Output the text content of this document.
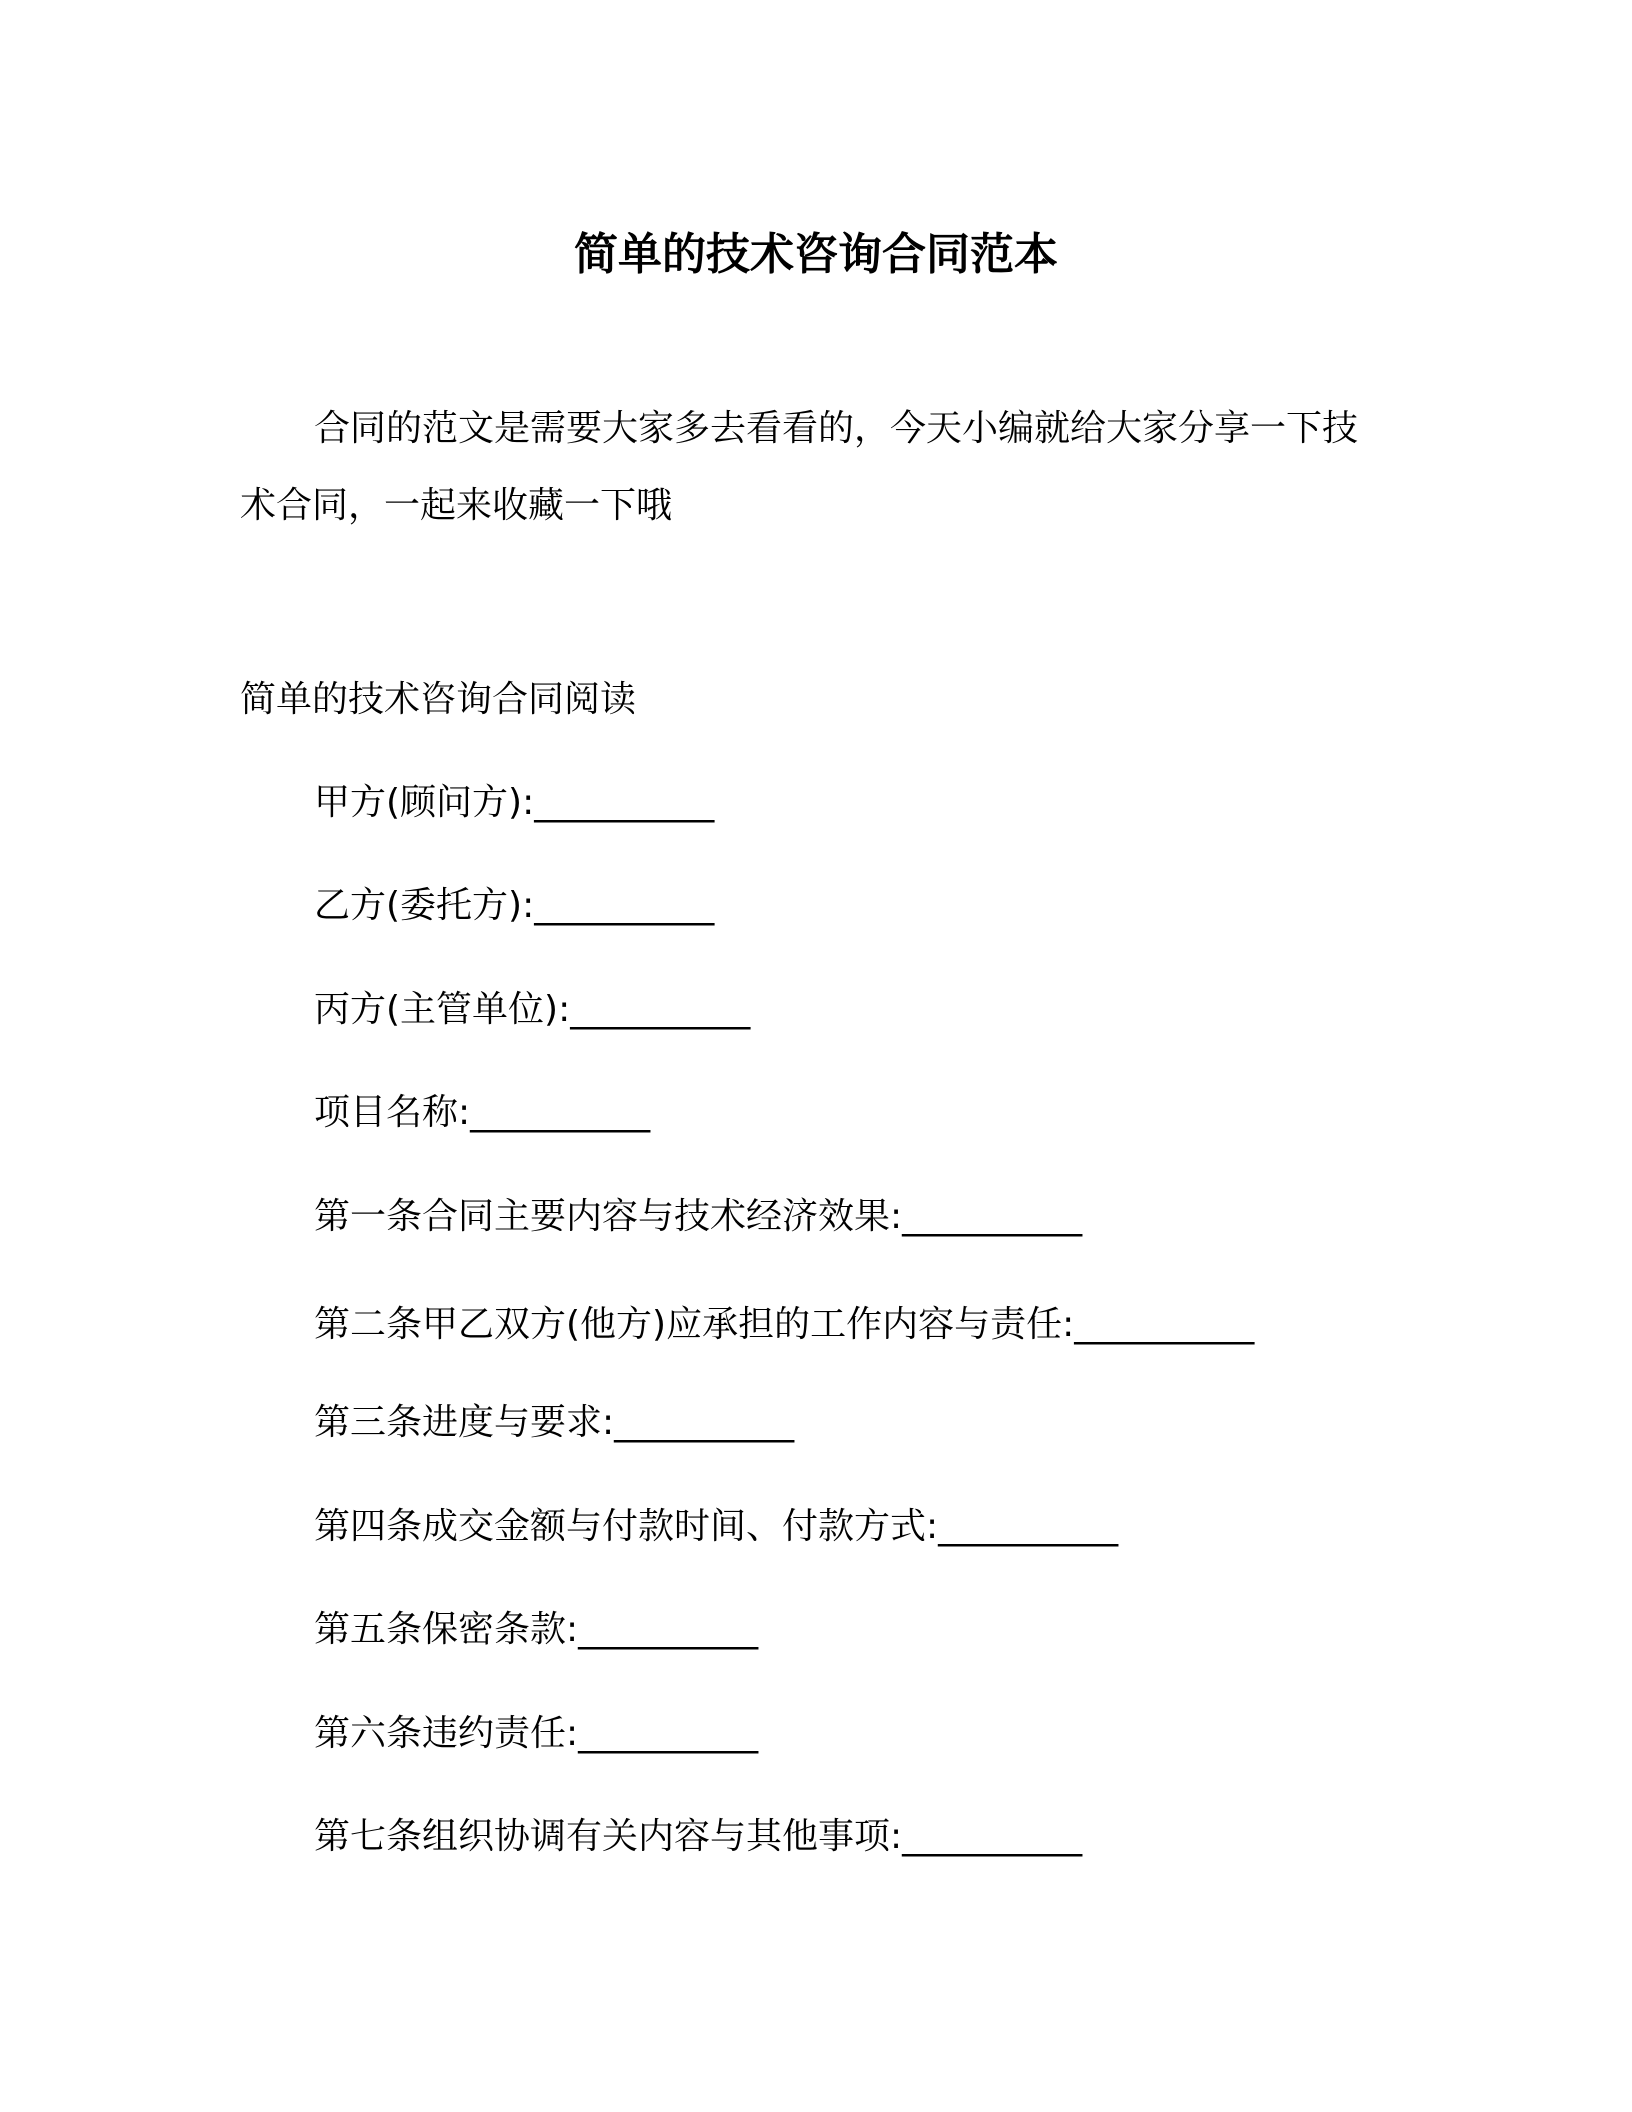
简单的技术咨询合同范本

合同的范文是需要大家多去看看的，今天小编就给大家分享一下技术合同，一起来收藏一下哦

简单的技术咨询合同阅读

甲方(顾问方):__________

乙方(委托方):__________

丙方(主管单位):__________

项目名称:__________

第一条合同主要内容与技术经济效果:__________

第二条甲乙双方(他方)应承担的工作内容与责任:__________

第三条进度与要求:__________

第四条成交金额与付款时间、付款方式:__________

第五条保密条款:__________

第六条违约责任:__________

第七条组织协调有关内容与其他事项:__________
